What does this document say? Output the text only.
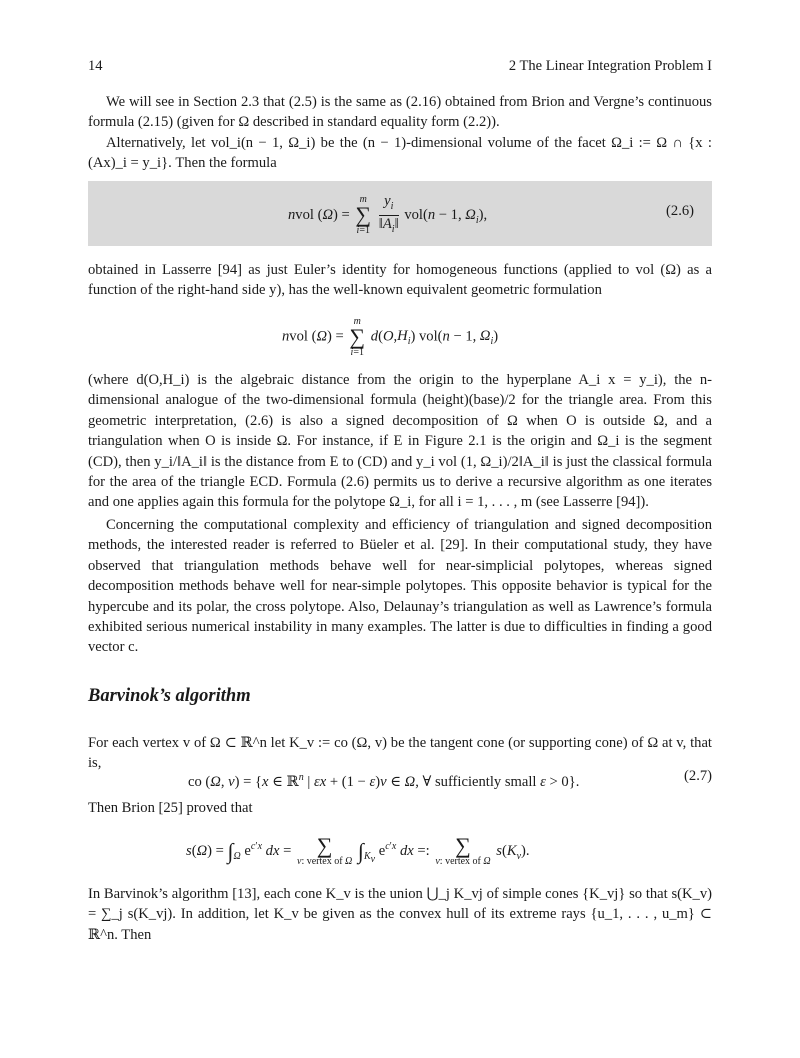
14	2 The Linear Integration Problem I

We will see in Section 2.3 that (2.5) is the same as (2.16) obtained from Brion and Vergne’s continuous formula (2.15) (given for Ω described in standard equality form (2.2)).

Alternatively, let vol_i(n − 1, Ω_i) be the (n − 1)-dimensional volume of the facet Ω_i := Ω ∩ {x : (Ax)_i = y_i}. Then the formula

nvol (Ω) =
m
∑
i=1
$\frac{y_i}{‖A_i‖} vol(n - 1$, $\Omega_i$),	(2.6)

obtained in Lasserre [94] as just Euler’s identity for homogeneous functions (applied to vol (Ω) as a function of the right-hand side y), has the well-known equivalent geometric formulation

nvol (Ω) =
m
∑
i=1
$d(O,H_i) vol(n - 1$, $\Omega_i$)

(where d(O,H_i) is the algebraic distance from the origin to the hyperplane A_i x = y_i), the n-dimensional analogue of the two-dimensional formula (height)(base)/2 for the triangle area. From this geometric interpretation, (2.6) is also a signed decomposition of Ω when O is outside Ω, and a triangulation when O is inside Ω. For instance, if E in Figure 2.1 is the origin and Ω_i is the segment (CD), then y_i/‖A_i‖ is the distance from E to (CD) and y_i vol (1, Ω_i)/2‖A_i‖ is just the classical formula for the area of the triangle ECD. Formula (2.6) permits us to derive a recursive algorithm as one iterates and one applies again this formula for the polytope Ω_i, for all i = 1, . . . , m (see Lasserre [94]).

Concerning the computational complexity and efficiency of triangulation and signed decomposition methods, the interested reader is referred to Büeler et al. [29]. In their computational study, they have observed that triangulation methods behave well for near-simplicial polytopes, whereas signed decomposition methods behave well for near-simple polytopes. This opposite behavior is typical for the hypercube and its polar, the cross polytope. Also, Delaunay’s triangulation as well as Lawrence’s formula exhibited serious numerical instability in many examples. The latter is due to difficulties in finding a good vector c.

Barvinok’s algorithm

For each vertex v of Ω ⊂ ℝ^n let K_v := co (Ω, v) be the tangent cone (or supporting cone) of Ω at v, that is,

co (Ω, v) = {x ∈ ℝ$^n$ | εx + (1 − ε)v ∈ Ω, ∀ sufficiently small ε > 0}.	(2.7)

Then Brion [25] proved that

$s(\Omega) = \int_\Omega$ $e^{c'x}$ dx = ∑
v: vertex of Ω $\int_{K_v}$ $e^{c'x}$ dx =: ∑
v: vertex of Ω
$s(K_v)$.

In Barvinok’s algorithm [13], each cone K_v is the union ⋃_j K_vj of simple cones {K_vj} so that s(K_v) = ∑_j s(K_vj). In addition, let K_v be given as the convex hull of its extreme rays {u_1, . . . , u_m} ⊂ ℝ^n. Then
